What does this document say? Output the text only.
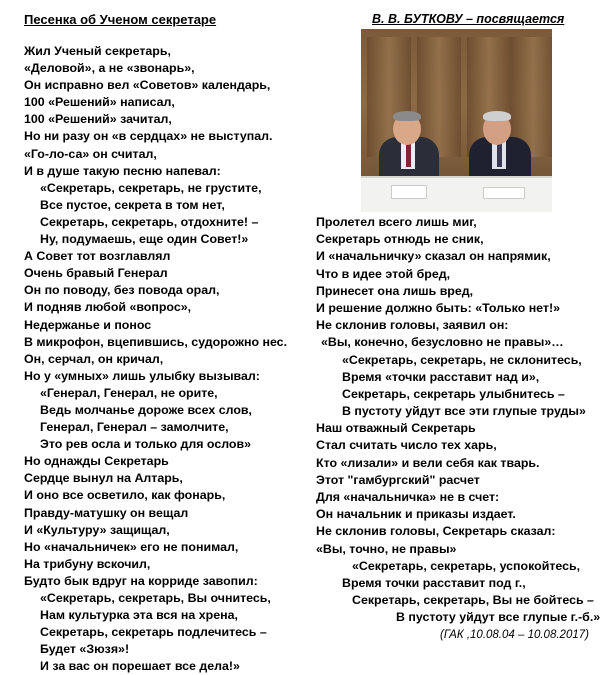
Песенка об Ученом секретаре	В. В. БУТКОВУ – посвящается
Жил Ученый секретарь,
«Деловой», а не «звонарь»,
Он исправно вел «Советов» календарь,
100 «Решений» написал,
100 «Решений» зачитал,
Но ни разу он «в сердцах» не выступал.
«Го-ло-са» он считал,
И в душе такую песню напевал:
«Секретарь, секретарь, не грустите,
Все пустое, секрета в том нет,
Секретарь, секретарь, отдохните! –
Ну, подумаешь, еще один Совет!»
А Совет тот возглавлял
Очень бравый Генерал
Он по поводу, без повода орал,
И подняв любой «вопрос»,
Недержанье и понос
В микрофон, вцепившись, судорожно нес.
Он, серчал, он кричал,
Но у «умных» лишь улыбку вызывал:
«Генерал, Генерал, не орите,
Ведь молчанье дороже всех слов,
Генерал, Генерал – замолчите,
Это рев осла и только для ослов»
Но однажды Секретарь
Сердце вынул на Алтарь,
И оно все осветило, как фонарь,
Правду-матушку он вещал
И «Культуру» защищал,
Но «начальничек» его не понимал,
На трибуну вскочил,
Будто бык вдруг на корриде завопил:
«Секретарь, секретарь, Вы очнитесь,
Нам культурка эта вся на хрена,
Секретарь, секретарь подлечитесь –
Будет «Зюзя»!
И за вас он порешает все дела!»
Пролетел всего лишь миг,
Секретарь отнюдь не сник,
И «начальничку» сказал он напрямик,
Что в идее этой бред,
Принесет она лишь вред,
И решение должно быть: «Только нет!»
Не склонив головы, заявил он:
«Вы, конечно, безусловно не правы»…
«Секретарь, секретарь, не склонитесь,
Время «точки расставит над и»,
Секретарь, секретарь улыбнитесь –
В пустоту уйдут все эти глупые труды»
Наш отважный Секретарь
Стал считать число тех харь,
Кто «лизали» и вели себя как тварь.
Этот "гамбургский" расчет
Для «начальничка» не в счет:
Он начальник и приказы издает.
Не склонив головы, Секретарь сказал:
«Вы, точно, не правы»
«Секретарь, секретарь, успокойтесь,
Время точки расставит под г.,
Секретарь, секретарь, Вы не бойтесь –
В пустоту уйдут все глупые г.-б.»
(ГАК ,10.08.04 – 10.08.2017)
